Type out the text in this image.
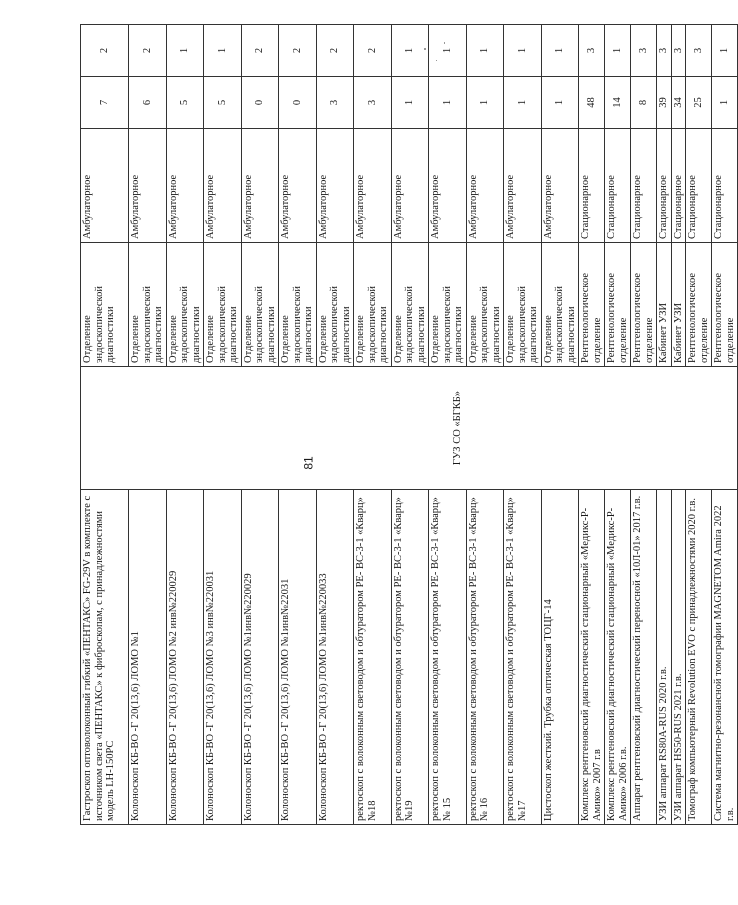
Гастроскоп оптоволоконный гибкий «ПЕНТАКС» FG-29V в комплекте с источником света «ПЕНТАКС» к фиброскопам, с принадлежностями модель LH-150PC	ГУЗ СО «БГКБ»	Отделение эндоскопической диагностики	Амбулаторное	7	2
Колоноскоп КБ-ВО -Г 20(13,6) ЛОМО №1		Отделение эндоскопической диагностики	Амбулаторное	6	2
Колоноскоп КБ-ВО -Г 20(13,6) ЛОМО №2 инв№220029		Отделение эндоскопической диагностики	Амбулаторное	5	1
Колоноскоп КБ-ВО -Г 20(13,6) ЛОМО №3 инв№220031		Отделение эндоскопической диагностики	Амбулаторное	5	1
Колоноскоп КБ-ВО -Г 20(13,6) ЛОМО №1инв№220029		Отделение эндоскопической диагностики	Амбулаторное	0	2
Колоноскоп КБ-ВО -Г 20(13,6) ЛОМО №1инв№22031		Отделение эндоскопической диагностики	Амбулаторное	0	2
Колоноскоп КБ-ВО -Г 20(13,6) ЛОМО №1инв№220033		Отделение эндоскопической диагностики	Амбулаторное	3	2
ректоскоп с волоконным световодом и обтуратором РЕ- ВС-3-1 «Кварц» №18		Отделение эндоскопической диагностики	Амбулаторное	3	2
ректоскоп с волоконным световодом и обтуратором РЕ- ВС-3-1 «Кварц» №19		Отделение эндоскопической диагностики	Амбулаторное	1	1
ректоскоп с волоконным световодом и обтуратором РЕ- ВС-3-1 «Кварц» № 15		Отделение эндоскопической диагностики	Амбулаторное	1	1
ректоскоп с волоконным световодом и обтуратором РЕ- ВС-3-1 «Кварц» № 16		Отделение эндоскопической диагностики	Амбулаторное	1	1
ректоскоп с волоконным световодом и обтуратором РЕ- ВС-3-1 «Кварц» №17		Отделение эндоскопической диагностики	Амбулаторное	1	1
Цистоскоп жесткий. Трубка оптическая ТОЦГ-14		Отделение эндоскопической диагностики	Амбулаторное	1	1
Комплекс рентгеновский диагностический стационарный «Медикс-Р-Амико» 2007 г.в		Рентгенологическое отделение	Стационарное	48	3
Комплекс рентгеновский диагностический стационарный «Медикс-Р-Амико» 2006 г.в.		Рентгенологическое отделение	Стационарное	14	1
Аппарат рентгеновский диагностический переносной «10Л-01» 2017 г.в.		Рентгенологическое отделение	Стационарное	8	3
УЗИ аппарат RS80A-RUS 2020 г.в.		Кабинет УЗИ	Стационарное	39	3
УЗИ аппарат HS50-RUS 2021 г.в.		Кабинет УЗИ	Стационарное	34	3
Томограф компьютерный Revolution EVO с принадлежностями 2020 г.в.		Рентгенологическое отделение	Стационарное	25	3
Система магнитно-резонансной томографии MAGNETOM Amira 2022 г.в.		Рентгенологическое отделение	Стационарное	1	1
81
